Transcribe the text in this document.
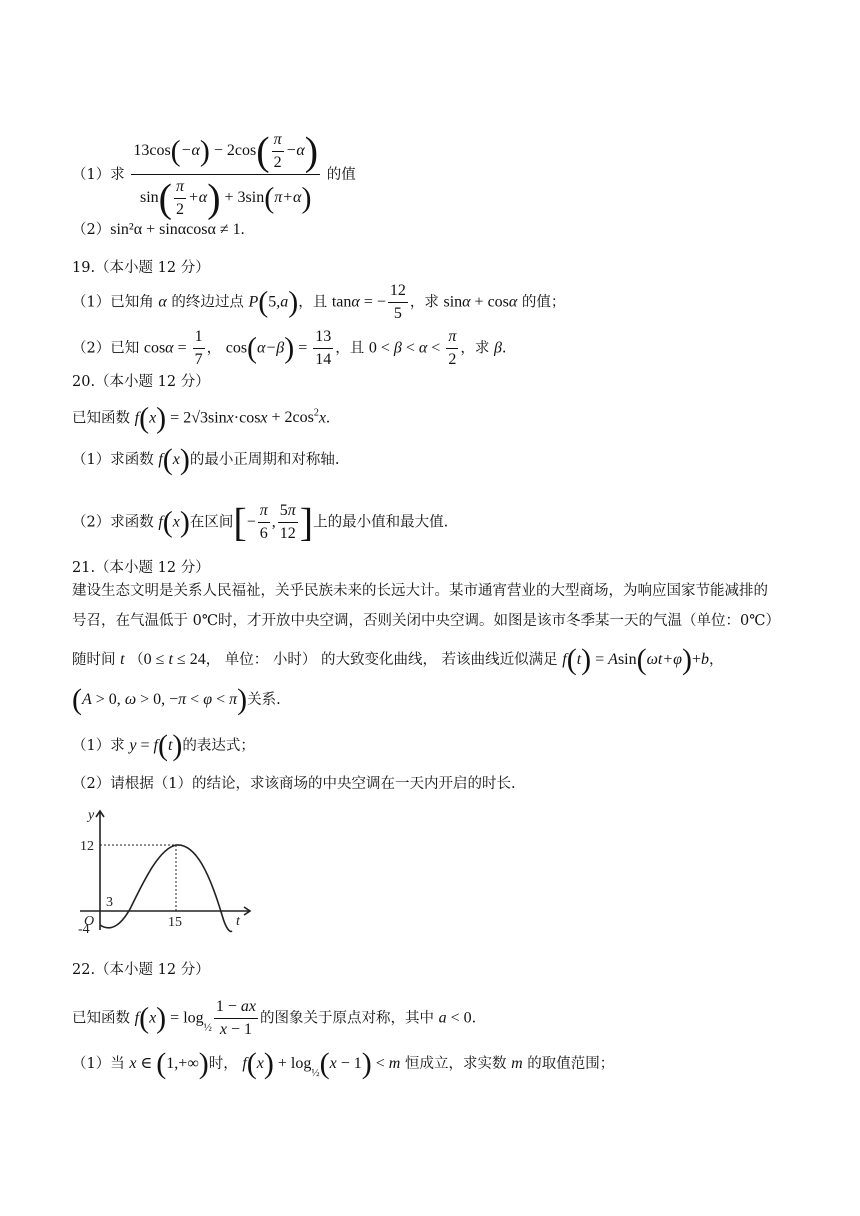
（1）求 $\frac{13\cos(-\alpha) - 2\cos( \frac{\pi}{2} -\alpha)}{\sin( \frac{\pi}{2} +\alpha) + 3\sin(\pi+\alpha)}$ 的值
（2）sin²α + sinαcosα ≠ 1.
19.（本小题 12 分）
（1）已知角 α 的终边过点 P(5,a)，且 tanα = − $\frac{12}{5}$ ，求 sinα + cosα 的值；
（2）已知 $\cos\alpha = \frac{1}{7}$ ， $\cos(\alpha-\beta) = \frac{13}{14}$ ，且 $0 < \beta < \alpha < \frac{\pi}{2}$ ，求 β.
20.（本小题 12 分）
已知函数 $f(x) = 2√3\sin x\cdot\cos x + 2\cos^2x$.
（1）求函数 f(x)的最小正周期和对称轴.
（2）求函数 f(x)在区间[− $\frac{\pi}{6}$ , $\frac{5\pi}{12}$ ]上的最小值和最大值.
21.（本小题 12 分）
建设生态文明是关系人民福祉，关乎民族未来的长远大计。某市通宵营业的大型商场，为响应国家节能减排的
号召，在气温低于 0℃时，才开放中央空调，否则关闭中央空调。如图是该市冬季某一天的气温（单位：0℃）
随时间 t （0 ≤ t ≤ 24， 单位： 小时） 的大致变化曲线， 若该曲线近似满足 f(t) = Asin(ωt+φ)+b，
(A > 0, ω > 0, −π < φ < π)关系.
（1）求 y = f(t)的表达式；
（2）请根据（1）的结论，求该商场的中央空调在一天内开启的时长.
y
t
O
12
-4
3
15
22.（本小题 12 分）
已知函数 $f(x) = \log_{\frac{1}{2}} \frac{1 - ax}{x - 1}$ 的图象关于原点对称，其中 a < 0.
（1）当 x ∈ (1,+∞)时， $f(x) + \log_{\frac{1}{2}}(x - 1) < m$ 恒成立，求实数 m 的取值范围；
